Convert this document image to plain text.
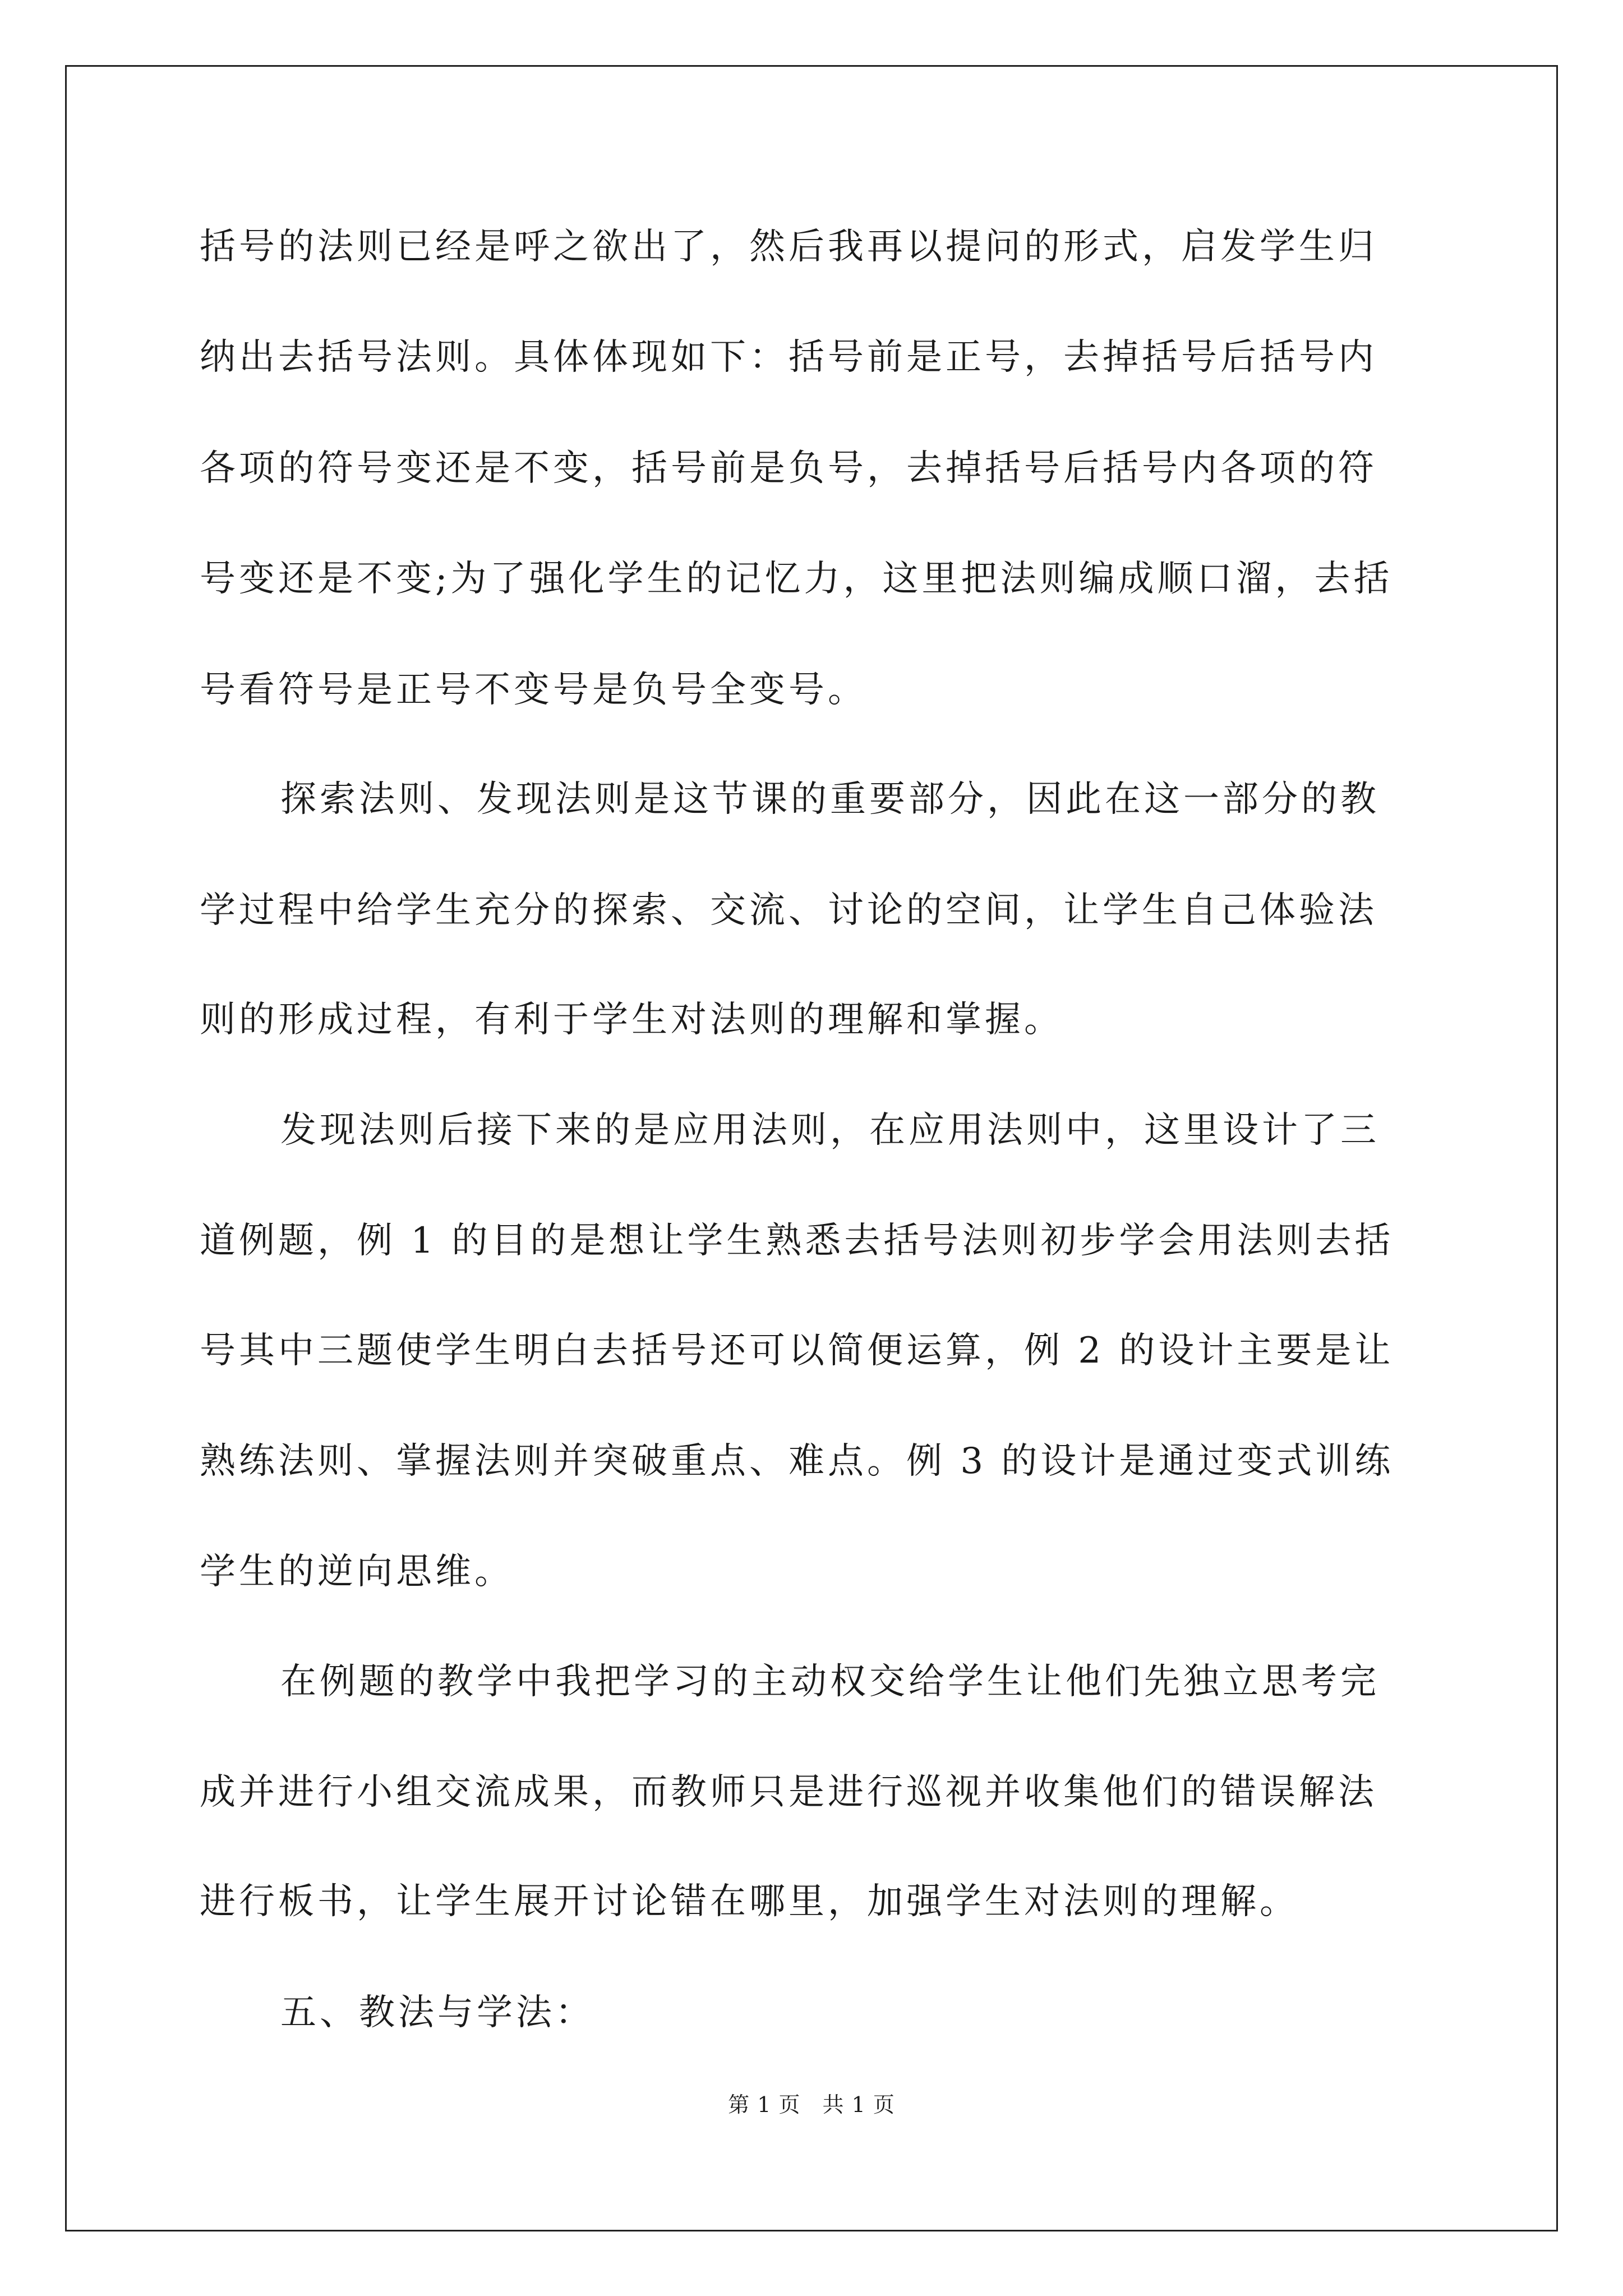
括号的法则已经是呼之欲出了，然后我再以提问的形式，启发学生归
纳出去括号法则。具体体现如下：括号前是正号，去掉括号后括号内
各项的符号变还是不变，括号前是负号，去掉括号后括号内各项的符
号变还是不变;为了强化学生的记忆力，这里把法则编成顺口溜，去括
号看符号是正号不变号是负号全变号。
探索法则、发现法则是这节课的重要部分，因此在这一部分的教
学过程中给学生充分的探索、交流、讨论的空间，让学生自己体验法
则的形成过程，有利于学生对法则的理解和掌握。
发现法则后接下来的是应用法则，在应用法则中，这里设计了三
道例题，例 1 的目的是想让学生熟悉去括号法则初步学会用法则去括
号其中三题使学生明白去括号还可以简便运算，例 2 的设计主要是让
熟练法则、掌握法则并突破重点、难点。例 3 的设计是通过变式训练
学生的逆向思维。
在例题的教学中我把学习的主动权交给学生让他们先独立思考完
成并进行小组交流成果，而教师只是进行巡视并收集他们的错误解法
进行板书，让学生展开讨论错在哪里，加强学生对法则的理解。
五、教法与学法：
第 1 页　共 1 页
